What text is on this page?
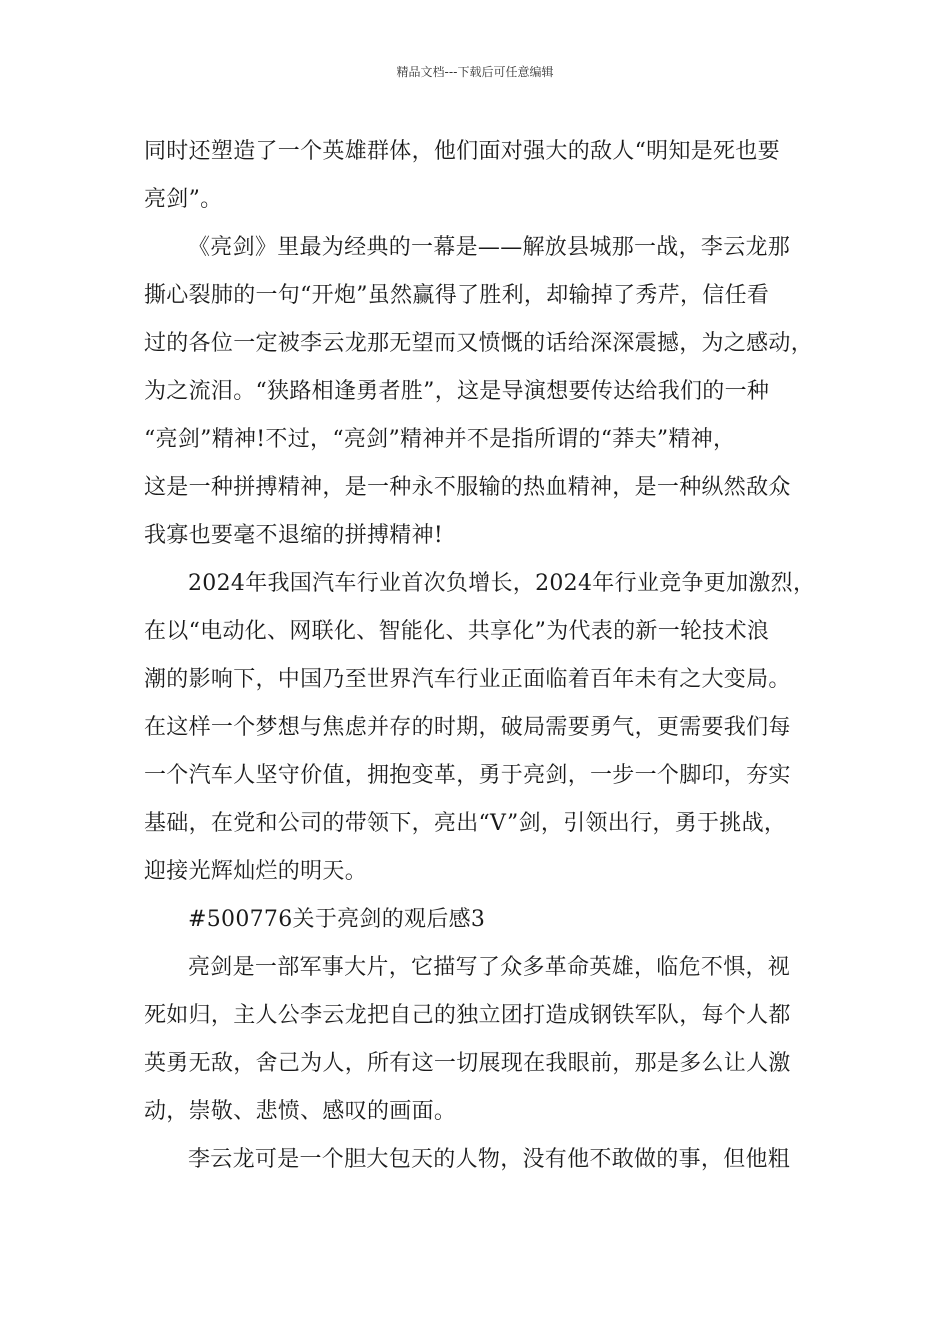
精品文档---下载后可任意编辑
同时还塑造了一个英雄群体，他们面对强大的敌人“明知是死也要
亮剑”。
《亮剑》里最为经典的一幕是——解放县城那一战，李云龙那
撕心裂肺的一句“开炮”虽然赢得了胜利，却输掉了秀芹，信任看
过的各位一定被李云龙那无望而又愤慨的话给深深震撼，为之感动，
为之流泪。“狭路相逢勇者胜”，这是导演想要传达给我们的一种
“亮剑”精神!不过，“亮剑”精神并不是指所谓的“莽夫”精神，
这是一种拼搏精神，是一种永不服输的热血精神，是一种纵然敌众
我寡也要毫不退缩的拼搏精神!
2024年我国汽车行业首次负增长，2024年行业竞争更加激烈，
在以“电动化、网联化、智能化、共享化”为代表的新一轮技术浪
潮的影响下，中国乃至世界汽车行业正面临着百年未有之大变局。
在这样一个梦想与焦虑并存的时期，破局需要勇气，更需要我们每
一个汽车人坚守价值，拥抱变革，勇于亮剑，一步一个脚印，夯实
基础，在党和公司的带领下，亮出“V”剑，引领出行，勇于挑战，
迎接光辉灿烂的明天。
#500776关于亮剑的观后感3
亮剑是一部军事大片，它描写了众多革命英雄，临危不惧，视
死如归，主人公李云龙把自己的独立团打造成钢铁军队，每个人都
英勇无敌，舍己为人，所有这一切展现在我眼前，那是多么让人激
动，崇敬、悲愤、感叹的画面。
李云龙可是一个胆大包天的人物，没有他不敢做的事，但他粗
